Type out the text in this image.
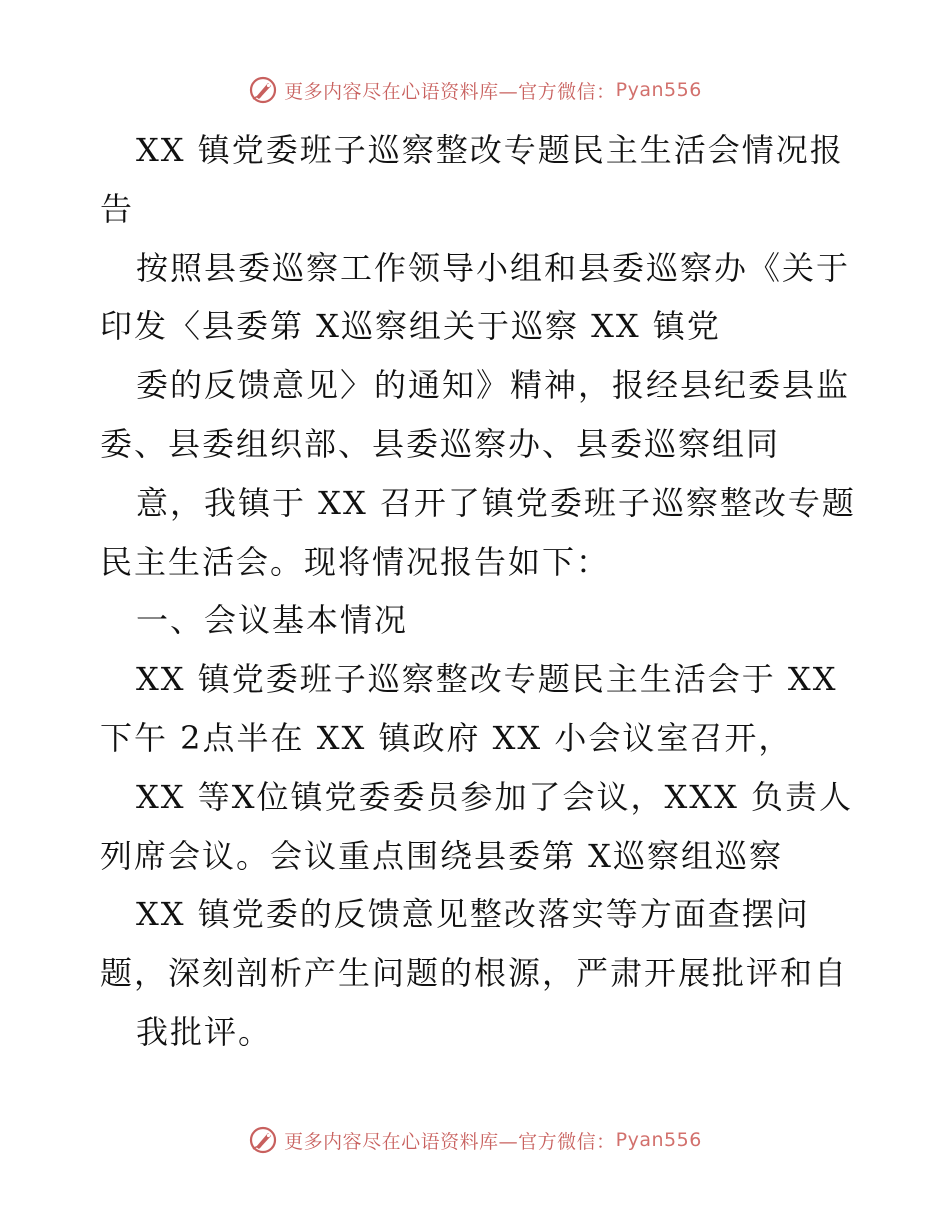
更多内容尽在心语资料库—官方微信： Pyan556
XX 镇党委班子巡察整改专题民主生活会情况报
告
按照县委巡察工作领导小组和县委巡察办《关于
印发〈县委第 X巡察组关于巡察 XX 镇党
委的反馈意见〉的通知》精神，报经县纪委县监
委、县委组织部、县委巡察办、县委巡察组同
意，我镇于 XX 召开了镇党委班子巡察整改专题
民主生活会。现将情况报告如下：
一、会议基本情况
XX 镇党委班子巡察整改专题民主生活会于 XX
下午 2点半在 XX 镇政府 XX 小会议室召开，
XX 等X位镇党委委员参加了会议，XXX 负责人
列席会议。会议重点围绕县委第 X巡察组巡察
XX 镇党委的反馈意见整改落实等方面查摆问
题，深刻剖析产生问题的根源，严肃开展批评和自
我批评。
更多内容尽在心语资料库—官方微信： Pyan556
